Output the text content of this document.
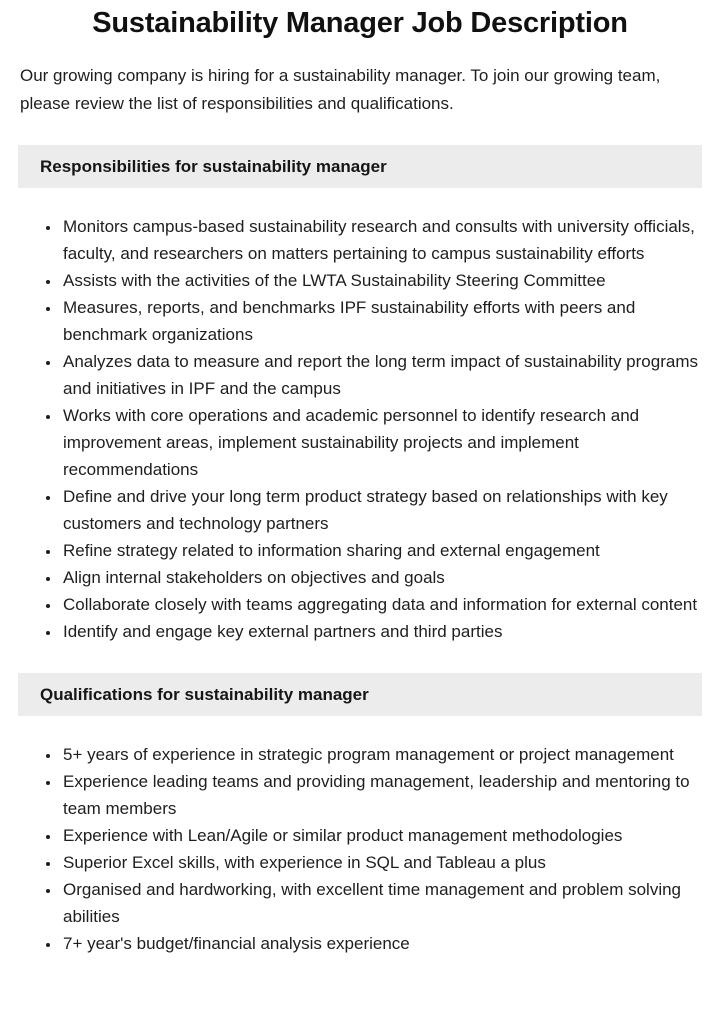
Sustainability Manager Job Description

Our growing company is hiring for a sustainability manager. To join our growing team, please review the list of responsibilities and qualifications.

Responsibilities for sustainability manager
• Monitors campus-based sustainability research and consults with university officials, faculty, and researchers on matters pertaining to campus sustainability efforts
• Assists with the activities of the LWTA Sustainability Steering Committee
• Measures, reports, and benchmarks IPF sustainability efforts with peers and benchmark organizations
• Analyzes data to measure and report the long term impact of sustainability programs and initiatives in IPF and the campus
• Works with core operations and academic personnel to identify research and improvement areas, implement sustainability projects and implement recommendations
• Define and drive your long term product strategy based on relationships with key customers and technology partners
• Refine strategy related to information sharing and external engagement
• Align internal stakeholders on objectives and goals
• Collaborate closely with teams aggregating data and information for external content
• Identify and engage key external partners and third parties
Qualifications for sustainability manager
• 5+ years of experience in strategic program management or project management
• Experience leading teams and providing management, leadership and mentoring to team members
• Experience with Lean/Agile or similar product management methodologies
• Superior Excel skills, with experience in SQL and Tableau a plus
• Organised and hardworking, with excellent time management and problem solving abilities
• 7+ year's budget/financial analysis experience
